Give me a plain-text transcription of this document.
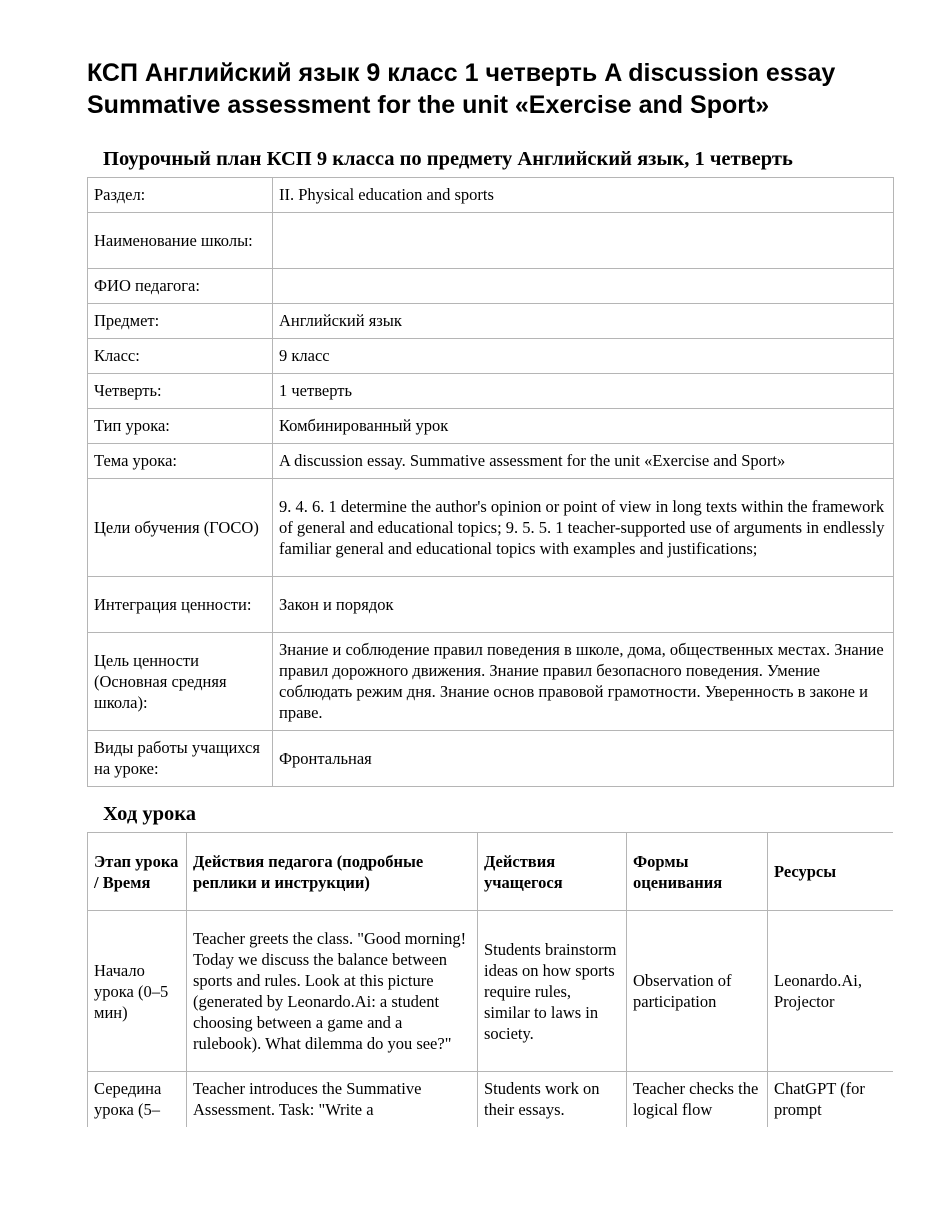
КСП Английский язык 9 класс 1 четверть A discussion essay Summative assessment for the unit «Exercise and Sport»
Поурочный план КСП 9 класса по предмету Английский язык, 1 четверть
Раздел:	II. Physical education and sports
Наименование школы:	
ФИО педагога:	
Предмет:	Английский язык
Класс:	9 класс
Четверть:	1 четверть
Тип урока:	Комбинированный урок
Тема урока:	A discussion essay. Summative assessment for the unit «Exercise and Sport»
Цели обучения (ГОСО)	9. 4. 6. 1 determine the author's opinion or point of view in long texts within the framework of general and educational topics; 9. 5. 5. 1 teacher-supported use of arguments in endlessly familiar general and educational topics with examples and justifications;
Интеграция ценности:	Закон и порядок
Цель ценности (Основная средняя школа):	Знание и соблюдение правил поведения в школе, дома, общественных местах. Знание правил дорожного движения. Знание правил безопасного поведения. Умение соблюдать режим дня. Знание основ правовой грамотности. Уверенность в законе и праве.
Виды работы учащихся на уроке:	Фронтальная
Ход урока
Этап урока / Время	Действия педагога (подробные реплики и инструкции)	Действия учащегося	Формы оценивания	Ресурсы
Начало урока (0–5 мин)	Teacher greets the class. "Good morning! Today we discuss the balance between sports and rules. Look at this picture (generated by Leonardo.Ai: a student choosing between a game and a rulebook). What dilemma do you see?"	Students brainstorm ideas on how sports require rules, similar to laws in society.	Observation of participation	Leonardo.Ai, Projector
Середина урока (5–	Teacher introduces the Summative Assessment. Task: "Write a	Students work on their essays.	Teacher checks the logical flow	ChatGPT (for prompt
